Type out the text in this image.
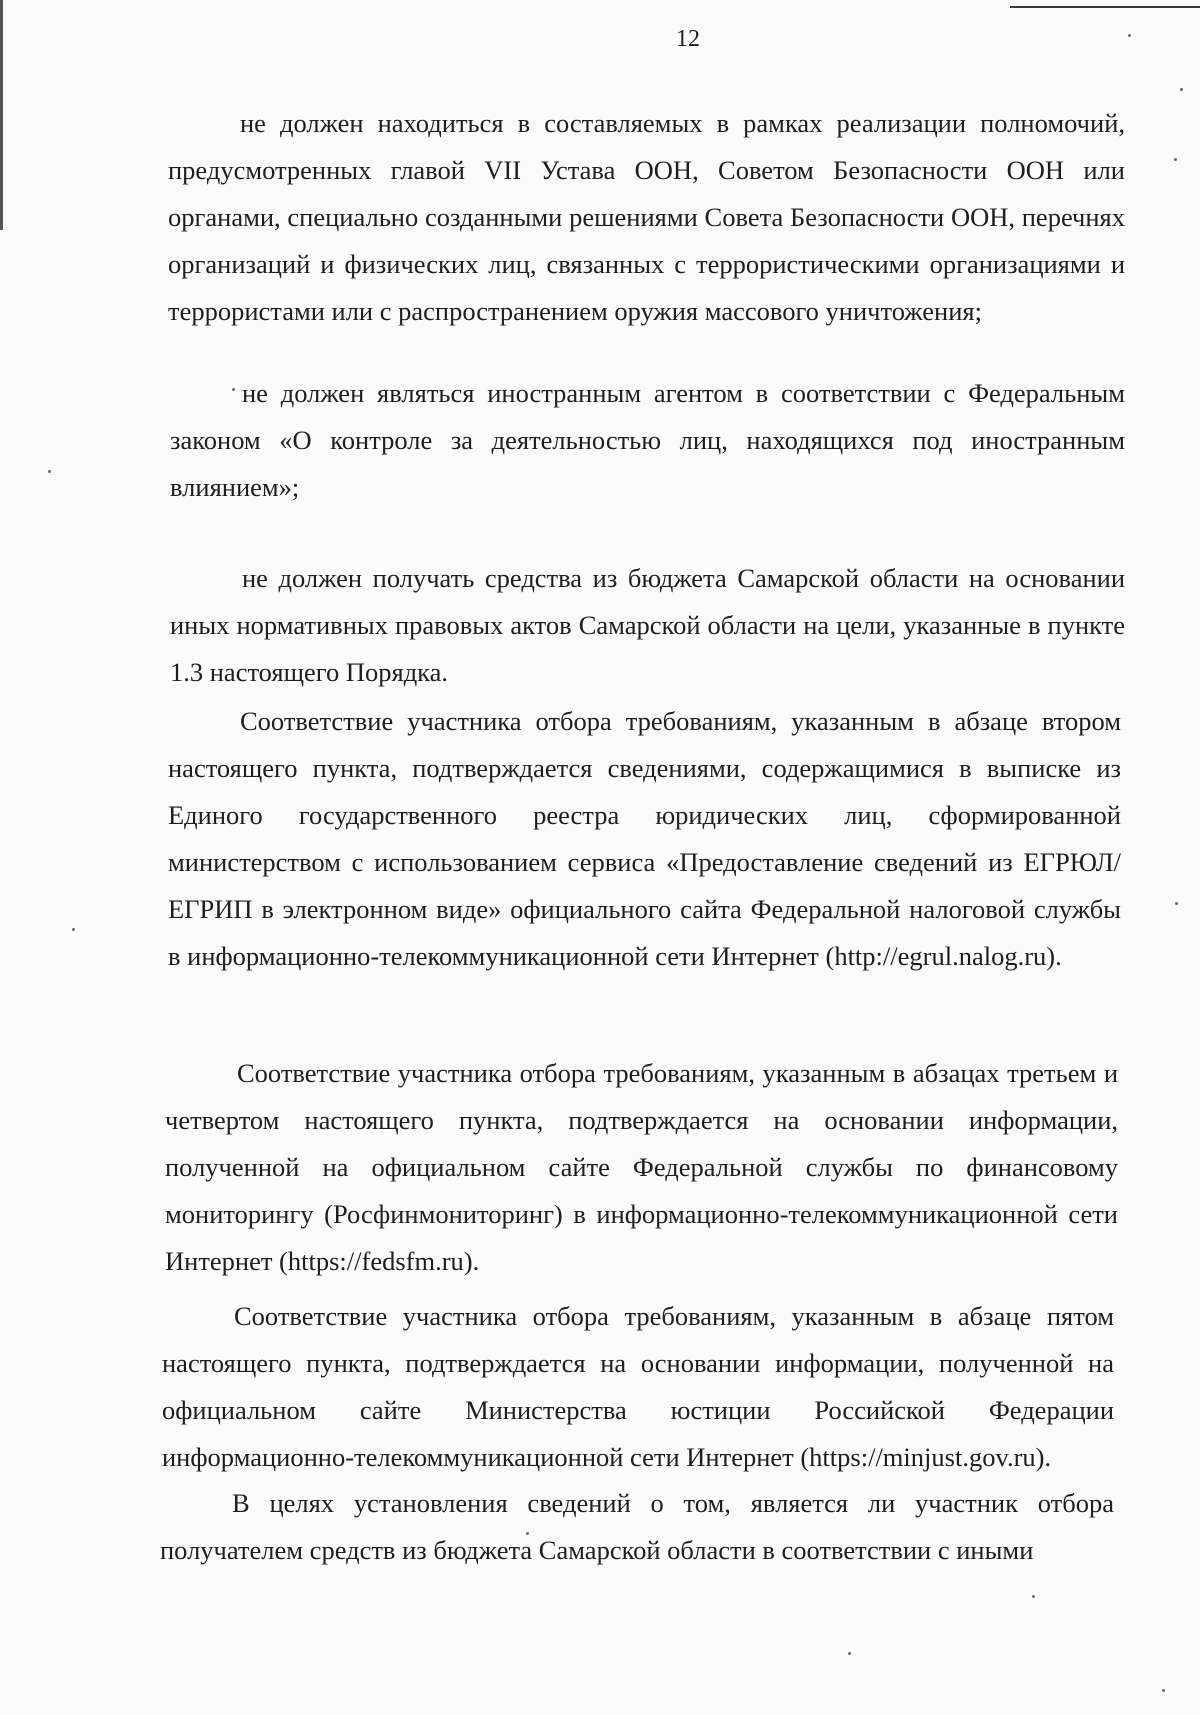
12

не должен находиться в составляемых в рамках реализации полномочий, предусмотренных главой VII Устава ООН, Советом Безопасности ООН или органами, специально созданными решениями Совета Безопасности ООН, перечнях организаций и физических лиц, связанных с террористическими организациями и террористами или с распространением оружия массового уничтожения;

не должен являться иностранным агентом в соответствии с Федеральным законом «О контроле за деятельностью лиц, находящихся под иностранным влиянием»;

не должен получать средства из бюджета Самарской области на основании иных нормативных правовых актов Самарской области на цели, указанные в пункте 1.3 настоящего Порядка.

Соответствие участника отбора требованиям, указанным в абзаце втором настоящего пункта, подтверждается сведениями, содержащимися в выписке из Единого государственного реестра юридических лиц, сформированной министерством с использованием сервиса «Предоставление сведений из ЕГРЮЛ/ЕГРИП в электронном виде» официального сайта Федеральной налоговой службы в информационно-телекоммуникационной сети Интернет (http://egrul.nalog.ru).

Соответствие участника отбора требованиям, указанным в абзацах третьем и четвертом настоящего пункта, подтверждается на основании информации, полученной на официальном сайте Федеральной службы по финансовому мониторингу (Росфинмониторинг) в информационно-телекоммуникационной сети Интернет (https://fedsfm.ru).

Соответствие участника отбора требованиям, указанным в абзаце пятом настоящего пункта, подтверждается на основании информации, полученной на официальном сайте Министерства юстиции Российской Федерации информационно-телекоммуникационной сети Интернет (https://minjust.gov.ru).

В целях установления сведений о том, является ли участник отбора получателем средств из бюджета Самарской области в соответствии с иными
